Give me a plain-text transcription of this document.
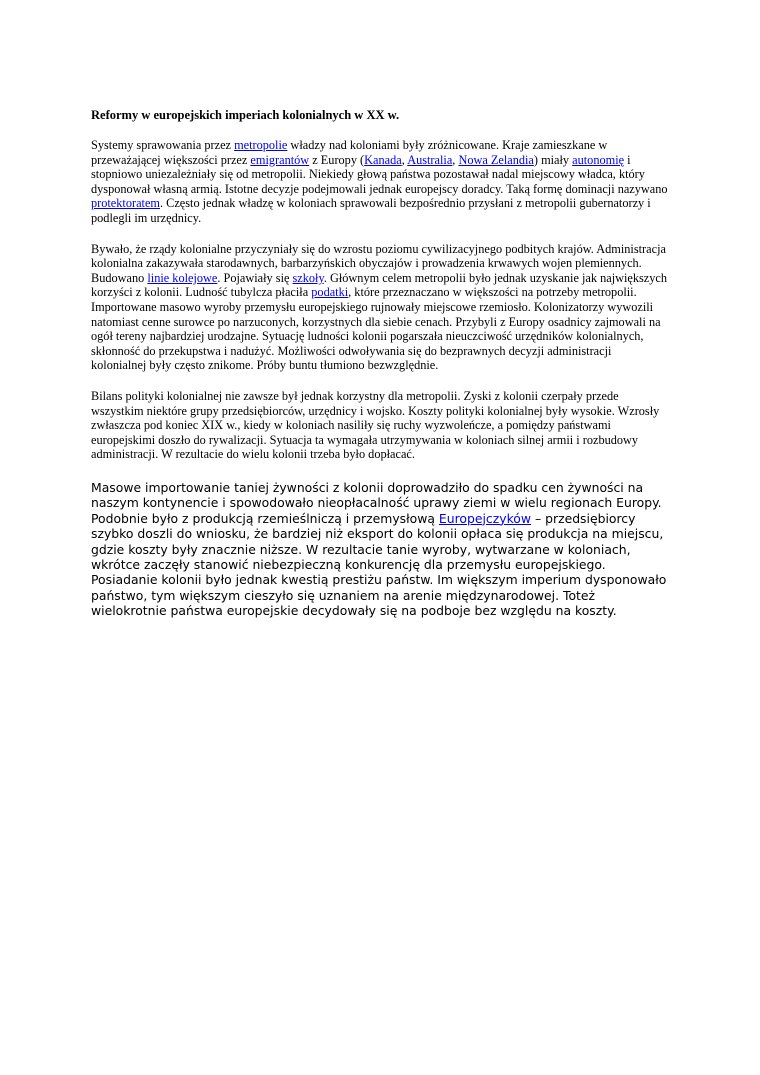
Reformy w europejskich imperiach kolonialnych w XX w.

Systemy sprawowania przez metropolie władzy nad koloniami były zróżnicowane. Kraje zamieszkane w przeważającej większości przez emigrantów z Europy (Kanada, Australia, Nowa Zelandia) miały autonomię i stopniowo uniezależniały się od metropolii. Niekiedy głową państwa pozostawał nadal miejscowy władca, który dysponował własną armią. Istotne decyzje podejmowali jednak europejscy doradcy. Taką formę dominacji nazywano protektoratem. Często jednak władzę w koloniach sprawowali bezpośrednio przysłani z metropolii gubernatorzy i podlegli im urzędnicy.

Bywało, że rządy kolonialne przyczyniały się do wzrostu poziomu cywilizacyjnego podbitych krajów. Administracja kolonialna zakazywała starodawnych, barbarzyńskich obyczajów i prowadzenia krwawych wojen plemiennych. Budowano linie kolejowe. Pojawiały się szkoły. Głównym celem metropolii było jednak uzyskanie jak największych korzyści z kolonii. Ludność tubylcza płaciła podatki, które przeznaczano w większości na potrzeby metropolii. Importowane masowo wyroby przemysłu europejskiego rujnowały miejscowe rzemiosło. Kolonizatorzy wywozili natomiast cenne surowce po narzuconych, korzystnych dla siebie cenach. Przybyli z Europy osadnicy zajmowali na ogół tereny najbardziej urodzajne. Sytuację ludności kolonii pogarszała nieuczciwość urzędników kolonialnych, skłonność do przekupstwa i nadużyć. Możliwości odwoływania się do bezprawnych decyzji administracji kolonialnej były często znikome. Próby buntu tłumiono bezwzględnie.

Bilans polityki kolonialnej nie zawsze był jednak korzystny dla metropolii. Zyski z kolonii czerpały przede wszystkim niektóre grupy przedsiębiorców, urzędnicy i wojsko. Koszty polityki kolonialnej były wysokie. Wzrosły zwłaszcza pod koniec XIX w., kiedy w koloniach nasiliły się ruchy wyzwoleńcze, a pomiędzy państwami europejskimi doszło do rywalizacji. Sytuacja ta wymagała utrzymywania w koloniach silnej armii i rozbudowy administracji. W rezultacie do wielu kolonii trzeba było dopłacać.

Masowe importowanie taniej żywności z kolonii doprowadziło do spadku cen żywności na naszym kontynencie i spowodowało nieopłacalność uprawy ziemi w wielu regionach Europy. Podobnie było z produkcją rzemieślniczą i przemysłową Europejczyków – przedsiębiorcy szybko doszli do wniosku, że bardziej niż eksport do kolonii opłaca się produkcja na miejscu, gdzie koszty były znacznie niższe. W rezultacie tanie wyroby, wytwarzane w koloniach, wkrótce zaczęły stanowić niebezpieczną konkurencję dla przemysłu europejskiego. Posiadanie kolonii było jednak kwestią prestiżu państw. Im większym imperium dysponowało państwo, tym większym cieszyło się uznaniem na arenie międzynarodowej. Toteż wielokrotnie państwa europejskie decydowały się na podboje bez względu na koszty.
